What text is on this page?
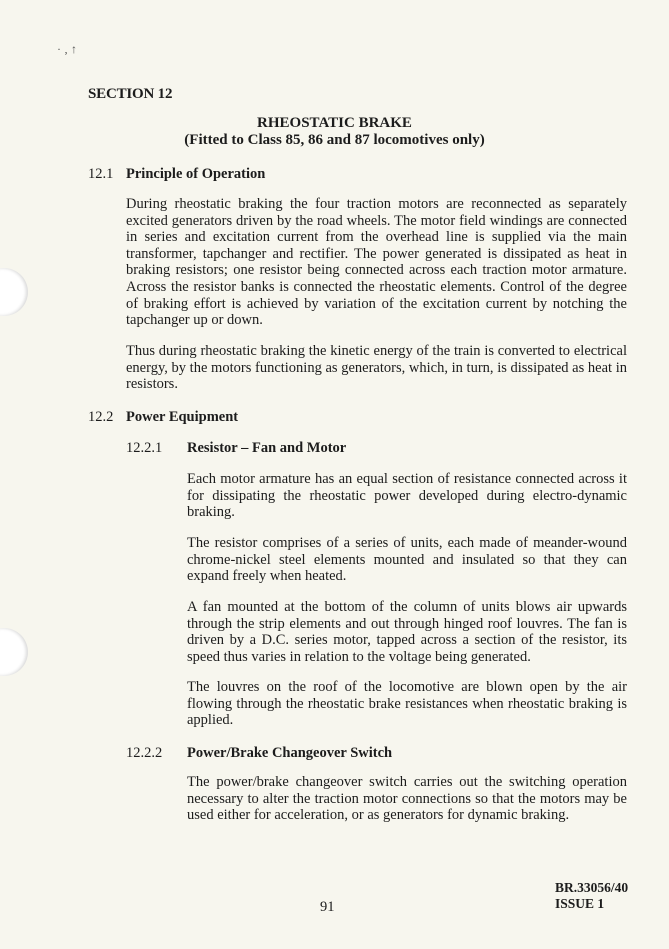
· ‚ ↑
SECTION 12
RHEOSTATIC BRAKE
(Fitted to Class 85, 86 and 87 locomotives only)
12.1 Principle of Operation

During rheostatic braking the four traction motors are reconnected as separately excited generators driven by the road wheels. The motor field windings are connected in series and excitation current from the overhead line is supplied via the main transformer, tapchanger and rectifier. The power generated is dissipated as heat in braking resistors; one resistor being connected across each traction motor armature. Across the resistor banks is connected the rheostatic elements. Control of the degree of braking effort is achieved by variation of the excitation current by notching the tapchanger up or down.

Thus during rheostatic braking the kinetic energy of the train is converted to electrical energy, by the motors functioning as generators, which, in turn, is dissipated as heat in resistors.

12.2 Power Equipment
12.2.1 Resistor – Fan and Motor

Each motor armature has an equal section of resistance connected across it for dissipating the rheostatic power developed during electro-dynamic braking.

The resistor comprises of a series of units, each made of meander-wound chrome-nickel steel elements mounted and insulated so that they can expand freely when heated.

A fan mounted at the bottom of the column of units blows air upwards through the strip elements and out through hinged roof louvres. The fan is driven by a D.C. series motor, tapped across a section of the resistor, its speed thus varies in relation to the voltage being generated.

The louvres on the roof of the locomotive are blown open by the air flowing through the rheostatic brake resistances when rheostatic braking is applied.

12.2.2 Power/Brake Changeover Switch

The power/brake changeover switch carries out the switching operation necessary to alter the traction motor connections so that the motors may be used either for acceleration, or as generators for dynamic braking.

91
BR.33056/40
ISSUE 1
